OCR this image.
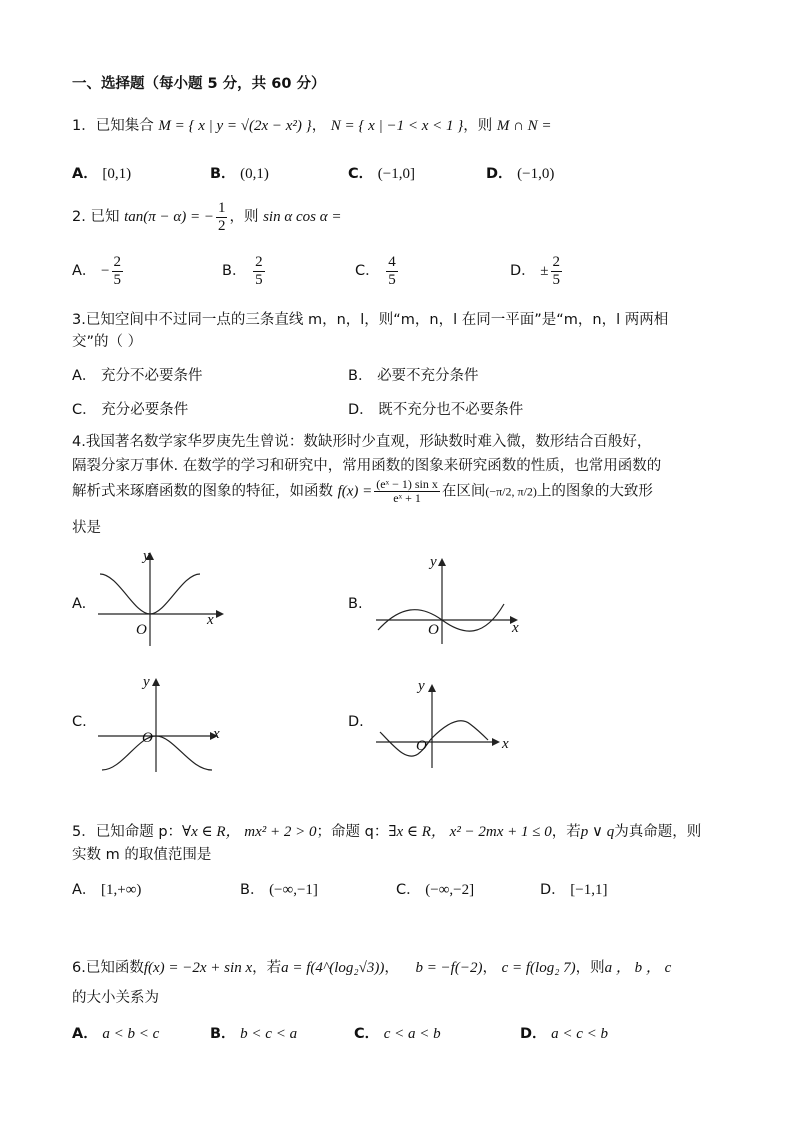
一、选择题（每小题 5 分，共 60 分）
1．已知集合 M = { x | y = √(2x − x²) }， N = { x | −1 < x < 1 }，则 M ∩ N =
A． [0,1)	B． (0,1)	C． (−1,0]	D． (−1,0)
2. 已知 tan(π − α) = − $\frac{1}{2}$ ，则 sin α cos α =
A． − $\frac{2}{5}$	B． $\frac{2}{5}$	C． $\frac{4}{5}$	D． ± $\frac{2}{5}$
3.已知空间中不过同一点的三条直线 m，n，l，则“m，n，l 在同一平面”是“m，n，l 两两相
交”的（ ）
A． 充分不必要条件	B． 必要不充分条件
C． 充分必要条件	D． 既不充分也不必要条件
4.我国著名数学家华罗庚先生曾说：数缺形时少直观，形缺数时难入微，数形结合百般好，
隔裂分家万事休. 在数学的学习和研究中，常用函数的图象来研究函数的性质，也常用函数的
解析式来琢磨函数的图象的特征，如函数 $f(x) = \frac{\text{(eˣ − 1) sin x}}{\text{eˣ + 1}}$ 在区间(−π/2, π/2)上的图象的大致形
状是
A.	B.
C.	D.
y
x
O
y
x
O
y
x
O
y
x
O
5．已知命题 p：∀x ∈ R， mx² + 2 > 0；命题 q：∃x ∈ R， x² − 2mx + 1 ≤ 0，若p ∨ q为真命题，则
实数 m 的取值范围是
A． [1,+∞)	B． (−∞,−1]	C． (−∞,−2]	D． [−1,1]
6.已知函数f(x) = −2x + sin x，若a = f(4^(log₂√3))， b = −f(−2)， c = f(log₂ 7)，则a ， b ， c
的大小关系为
A． a < b < c	B． b < c < a	C． c < a < b	D． a < c < b
